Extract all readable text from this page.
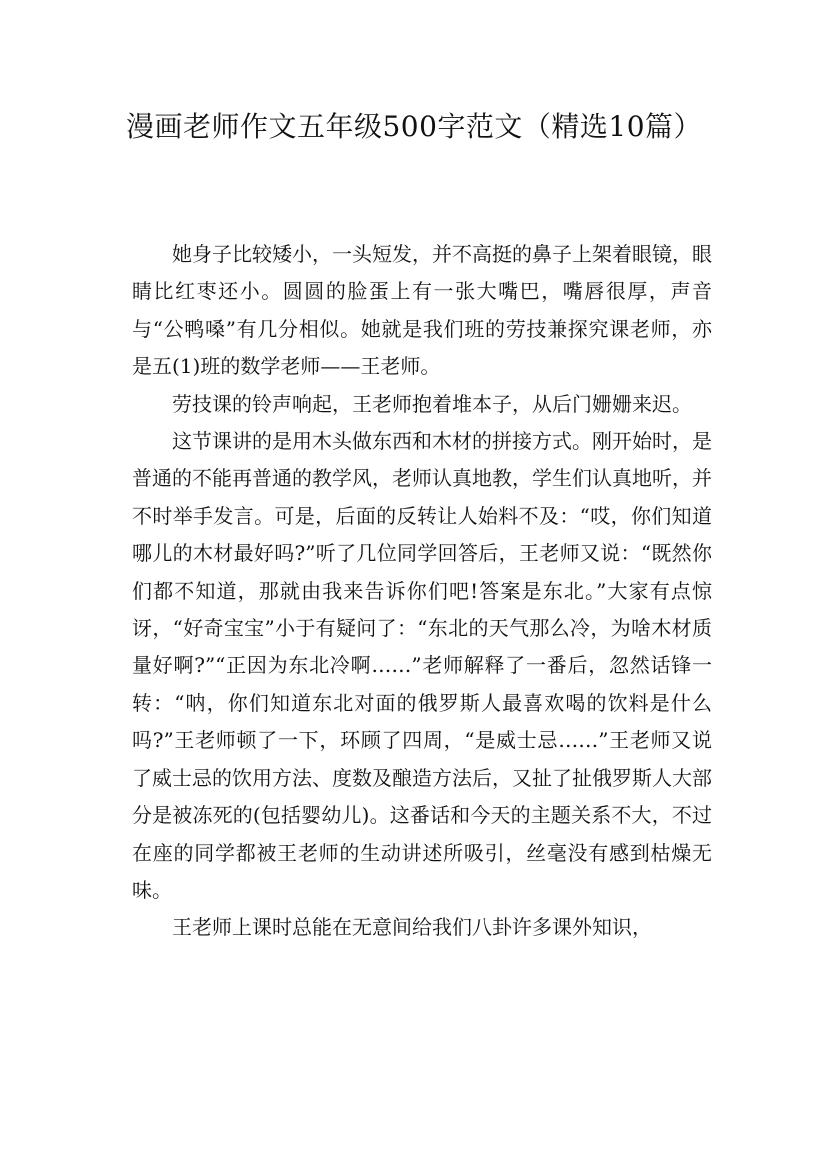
漫画老师作文五年级500字范文（精选10篇）

她身子比较矮小，一头短发，并不高挺的鼻子上架着眼镜，眼睛比红枣还小。圆圆的脸蛋上有一张大嘴巴，嘴唇很厚，声音与“公鸭嗓”有几分相似。她就是我们班的劳技兼探究课老师，亦是五(1)班的数学老师——王老师。

劳技课的铃声响起，王老师抱着堆本子，从后门姗姗来迟。

这节课讲的是用木头做东西和木材的拼接方式。刚开始时，是普通的不能再普通的教学风，老师认真地教，学生们认真地听，并不时举手发言。可是，后面的反转让人始料不及：“哎，你们知道哪儿的木材最好吗?”听了几位同学回答后，王老师又说：“既然你们都不知道，那就由我来告诉你们吧!答案是东北。”大家有点惊讶，“好奇宝宝”小于有疑问了：“东北的天气那么冷，为啥木材质量好啊?”“正因为东北冷啊……”老师解释了一番后，忽然话锋一转：“呐，你们知道东北对面的俄罗斯人最喜欢喝的饮料是什么吗?”王老师顿了一下，环顾了四周，“是威士忌……”王老师又说了威士忌的饮用方法、度数及酿造方法后，又扯了扯俄罗斯人大部分是被冻死的(包括婴幼儿)。这番话和今天的主题关系不大，不过在座的同学都被王老师的生动讲述所吸引，丝毫没有感到枯燥无味。

王老师上课时总能在无意间给我们八卦许多课外知识，
